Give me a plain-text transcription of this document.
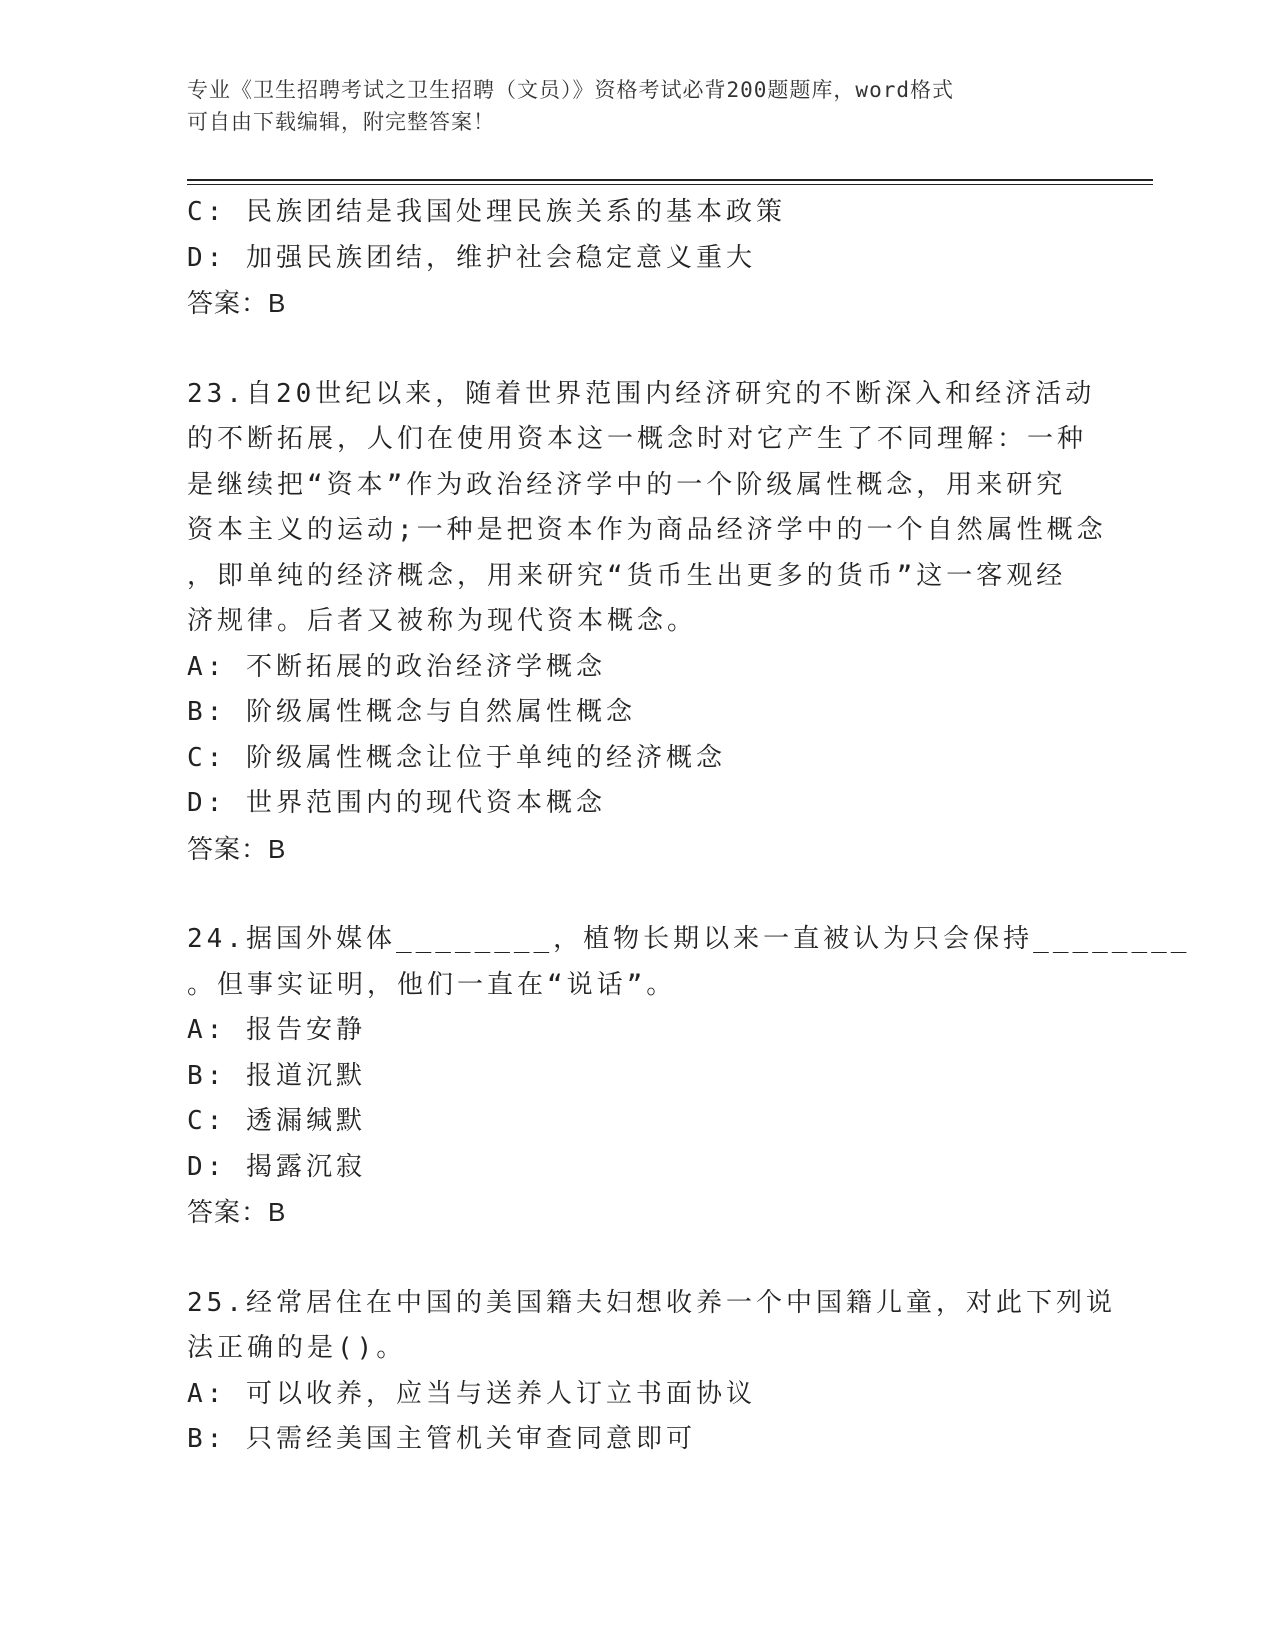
专业《卫生招聘考试之卫生招聘（文员）》资格考试必背200题题库，word格式
可自由下载编辑，附完整答案！
C: 民族团结是我国处理民族关系的基本政策
D: 加强民族团结，维护社会稳定意义重大
答案：B
23.自20世纪以来，随着世界范围内经济研究的不断深入和经济活动
的不断拓展，人们在使用资本这一概念时对它产生了不同理解：一种
是继续把“资本”作为政治经济学中的一个阶级属性概念，用来研究
资本主义的运动;一种是把资本作为商品经济学中的一个自然属性概念
，即单纯的经济概念，用来研究“货币生出更多的货币”这一客观经
济规律。后者又被称为现代资本概念。
A: 不断拓展的政治经济学概念
B: 阶级属性概念与自然属性概念
C: 阶级属性概念让位于单纯的经济概念
D: 世界范围内的现代资本概念
答案：B
24.据国外媒体________，植物长期以来一直被认为只会保持________
。但事实证明，他们一直在“说话”。
A: 报告安静
B: 报道沉默
C: 透漏缄默
D: 揭露沉寂
答案：B
25.经常居住在中国的美国籍夫妇想收养一个中国籍儿童，对此下列说
法正确的是()。
A: 可以收养，应当与送养人订立书面协议
B: 只需经美国主管机关审查同意即可
